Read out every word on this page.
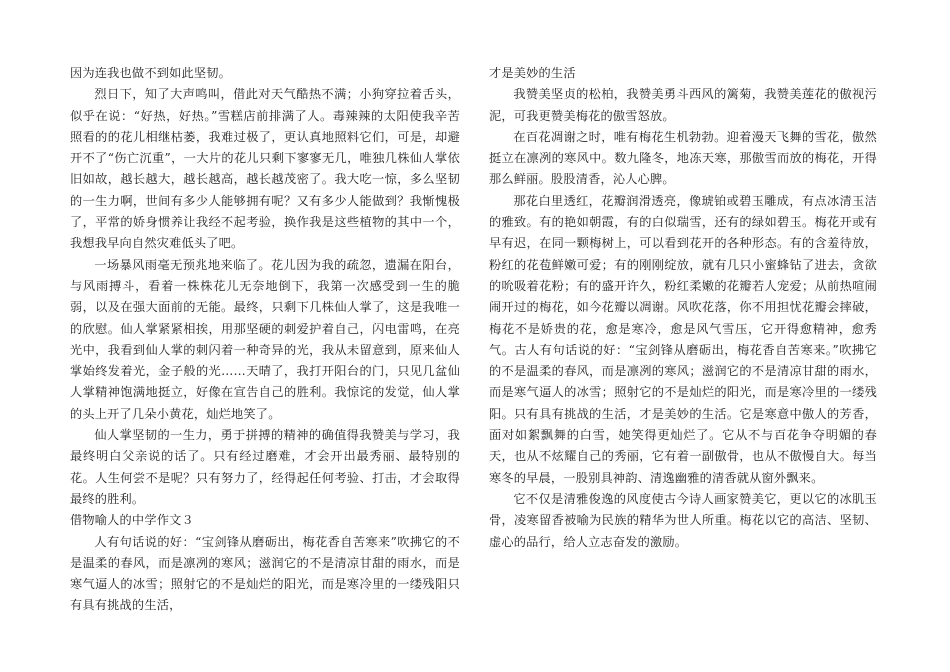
因为连我也做不到如此坚韧。

烈日下，知了大声鸣叫，借此对天气酷热不满；小狗穿拉着舌头，似乎在说：“好热，好热。”雪糕店前排满了人。毒辣辣的太阳使我辛苦照看的的花儿相继枯萎，我难过极了，更认真地照料它们，可是，却避开不了“伤亡沉重”，一大片的花儿只剩下寥寥无几，唯独几株仙人掌依旧如故，越长越大，越长越高，越长越茂密了。我大吃一惊，多么坚韧的一生力啊，世间有多少人能够拥有呢？又有多少人能做到？我惭愧极了，平常的娇身惯养让我经不起考验，换作我是这些植物的其中一个，我想我早向自然灾难低头了吧。

一场暴风雨毫无预兆地来临了。花儿因为我的疏忽，遗漏在阳台，与风雨搏斗，看着一株株花儿无奈地倒下，我第一次感受到一生的脆弱，以及在强大面前的无能。最终，只剩下几株仙人掌了，这是我唯一的欣慰。仙人掌紧紧相挨，用那坚硬的刺爱护着自己，闪电雷鸣，在亮光中，我看到仙人掌的刺闪着一种奇异的光，我从未留意到，原来仙人掌始终发着光，金子般的光……天晴了，我打开阳台的门，只见几盆仙人掌精神饱满地挺立，好像在宣告自己的胜利。我惊诧的发觉，仙人掌的头上开了几朵小黄花，灿烂地笑了。

仙人掌坚韧的一生力，勇于拼搏的精神的确值得我赞美与学习，我最终明白父亲说的话了。只有经过磨难，才会开出最秀丽、最特别的花。人生何尝不是呢？只有努力了，经得起任何考验、打击，才会取得最终的胜利。

借物喻人的中学作文３

人有句话说的好：“宝剑锋从磨砺出，梅花香自苦寒来”吹拂它的不是温柔的春风，而是凛冽的寒风；滋润它的不是清凉甘甜的雨水，而是寒气逼人的冰雪；照射它的不是灿烂的阳光，而是寒冷里的一缕残阳只有具有挑战的生活，

才是美妙的生活

我赞美坚贞的松柏，我赞美勇斗西风的篱菊，我赞美莲花的傲视污泥，可我更赞美梅花的傲雪怒放。

在百花凋谢之时，唯有梅花生机勃勃。迎着漫天飞舞的雪花，傲然挺立在凛冽的寒风中。数九隆冬，地冻天寒，那傲雪而放的梅花，开得那么鲜丽。股股清香，沁人心脾。

那花白里透红，花瓣润滑透亮，像琥铂或碧玉雕成，有点冰清玉洁的雅致。有的艳如朝霞，有的白似瑞雪，还有的绿如碧玉。梅花开或有早有迟，在同一颗梅树上，可以看到花开的各种形态。有的含羞待放，粉红的花苞鲜嫩可爱；有的刚刚绽放，就有几只小蜜蜂钻了进去，贪欲的吮吸着花粉；有的盛开许久，粉红柔嫩的花瓣若人宠爱；从前热喧闹闹开过的梅花，如今花瓣以凋谢。风吹花落，你不用担忧花瓣会摔破，梅花不是娇贵的花，愈是寒冷，愈是风气雪压，它开得愈精神，愈秀气。古人有句话说的好：“宝剑锋从磨砺出，梅花香自苦寒来。”吹拂它的不是温柔的春风，而是凛冽的寒风；滋润它的不是清凉甘甜的雨水，而是寒气逼人的冰雪；照射它的不是灿烂的阳光，而是寒冷里的一缕残阳。只有具有挑战的生活，才是美妙的生活。它是寒意中傲人的芳香，面对如絮飘舞的白雪，她笑得更灿烂了。它从不与百花争夺明媚的春天，也从不炫耀自己的秀丽，它有着一副傲骨，也从不傲慢自大。每当寒冬的早晨，一股别具神韵、清逸幽雅的清香就从窗外飘来。

它不仅是清雅俊逸的风度使古今诗人画家赞美它，更以它的冰肌玉骨，凌寒留香被喻为民族的精华为世人所重。梅花以它的高洁、坚韧、虚心的品行，给人立志奋发的激励。
